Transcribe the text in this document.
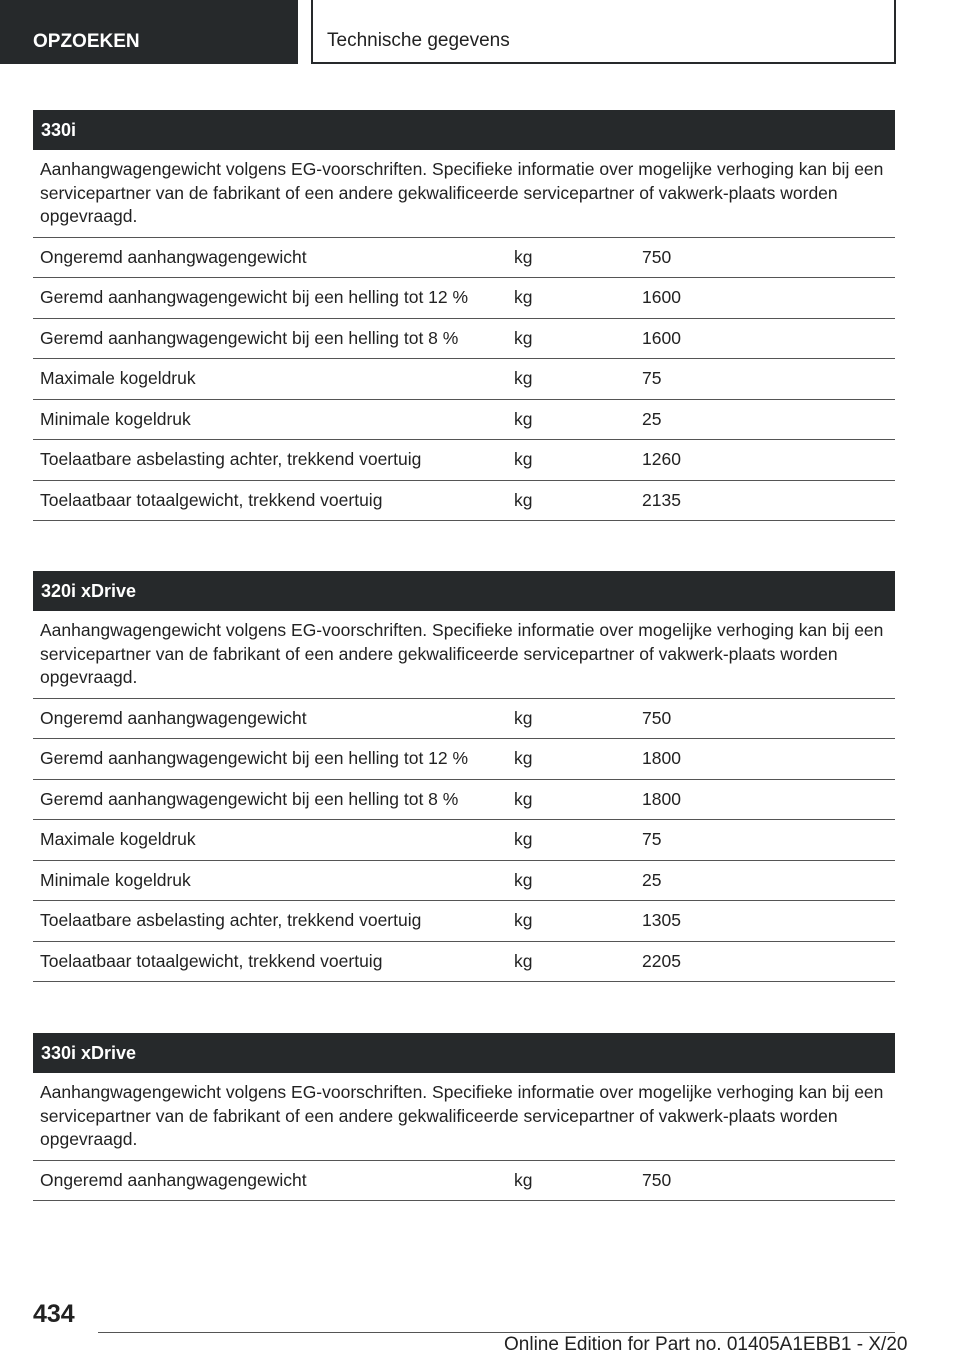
OPZOEKEN	Technische gegevens
330i
Aanhangwagengewicht volgens EG-voorschriften. Specifieke informatie over mogelijke verhoging kan bij een servicepartner van de fabrikant of een andere gekwalificeerde servicepartner of vakwerk-plaats worden opgevraagd.
Ongeremd aanhangwagengewicht	kg	750
Geremd aanhangwagengewicht bij een helling tot 12 %	kg	1600
Geremd aanhangwagengewicht bij een helling tot 8 %	kg	1600
Maximale kogeldruk	kg	75
Minimale kogeldruk	kg	25
Toelaatbare asbelasting achter, trekkend voertuig	kg	1260
Toelaatbaar totaalgewicht, trekkend voertuig	kg	2135
320i xDrive
Aanhangwagengewicht volgens EG-voorschriften. Specifieke informatie over mogelijke verhoging kan bij een servicepartner van de fabrikant of een andere gekwalificeerde servicepartner of vakwerk-plaats worden opgevraagd.
Ongeremd aanhangwagengewicht	kg	750
Geremd aanhangwagengewicht bij een helling tot 12 %	kg	1800
Geremd aanhangwagengewicht bij een helling tot 8 %	kg	1800
Maximale kogeldruk	kg	75
Minimale kogeldruk	kg	25
Toelaatbare asbelasting achter, trekkend voertuig	kg	1305
Toelaatbaar totaalgewicht, trekkend voertuig	kg	2205
330i xDrive
Aanhangwagengewicht volgens EG-voorschriften. Specifieke informatie over mogelijke verhoging kan bij een servicepartner van de fabrikant of een andere gekwalificeerde servicepartner of vakwerk-plaats worden opgevraagd.
Ongeremd aanhangwagengewicht	kg	750
434
Online Edition for Part no. 01405A1EBB1 - X/20
